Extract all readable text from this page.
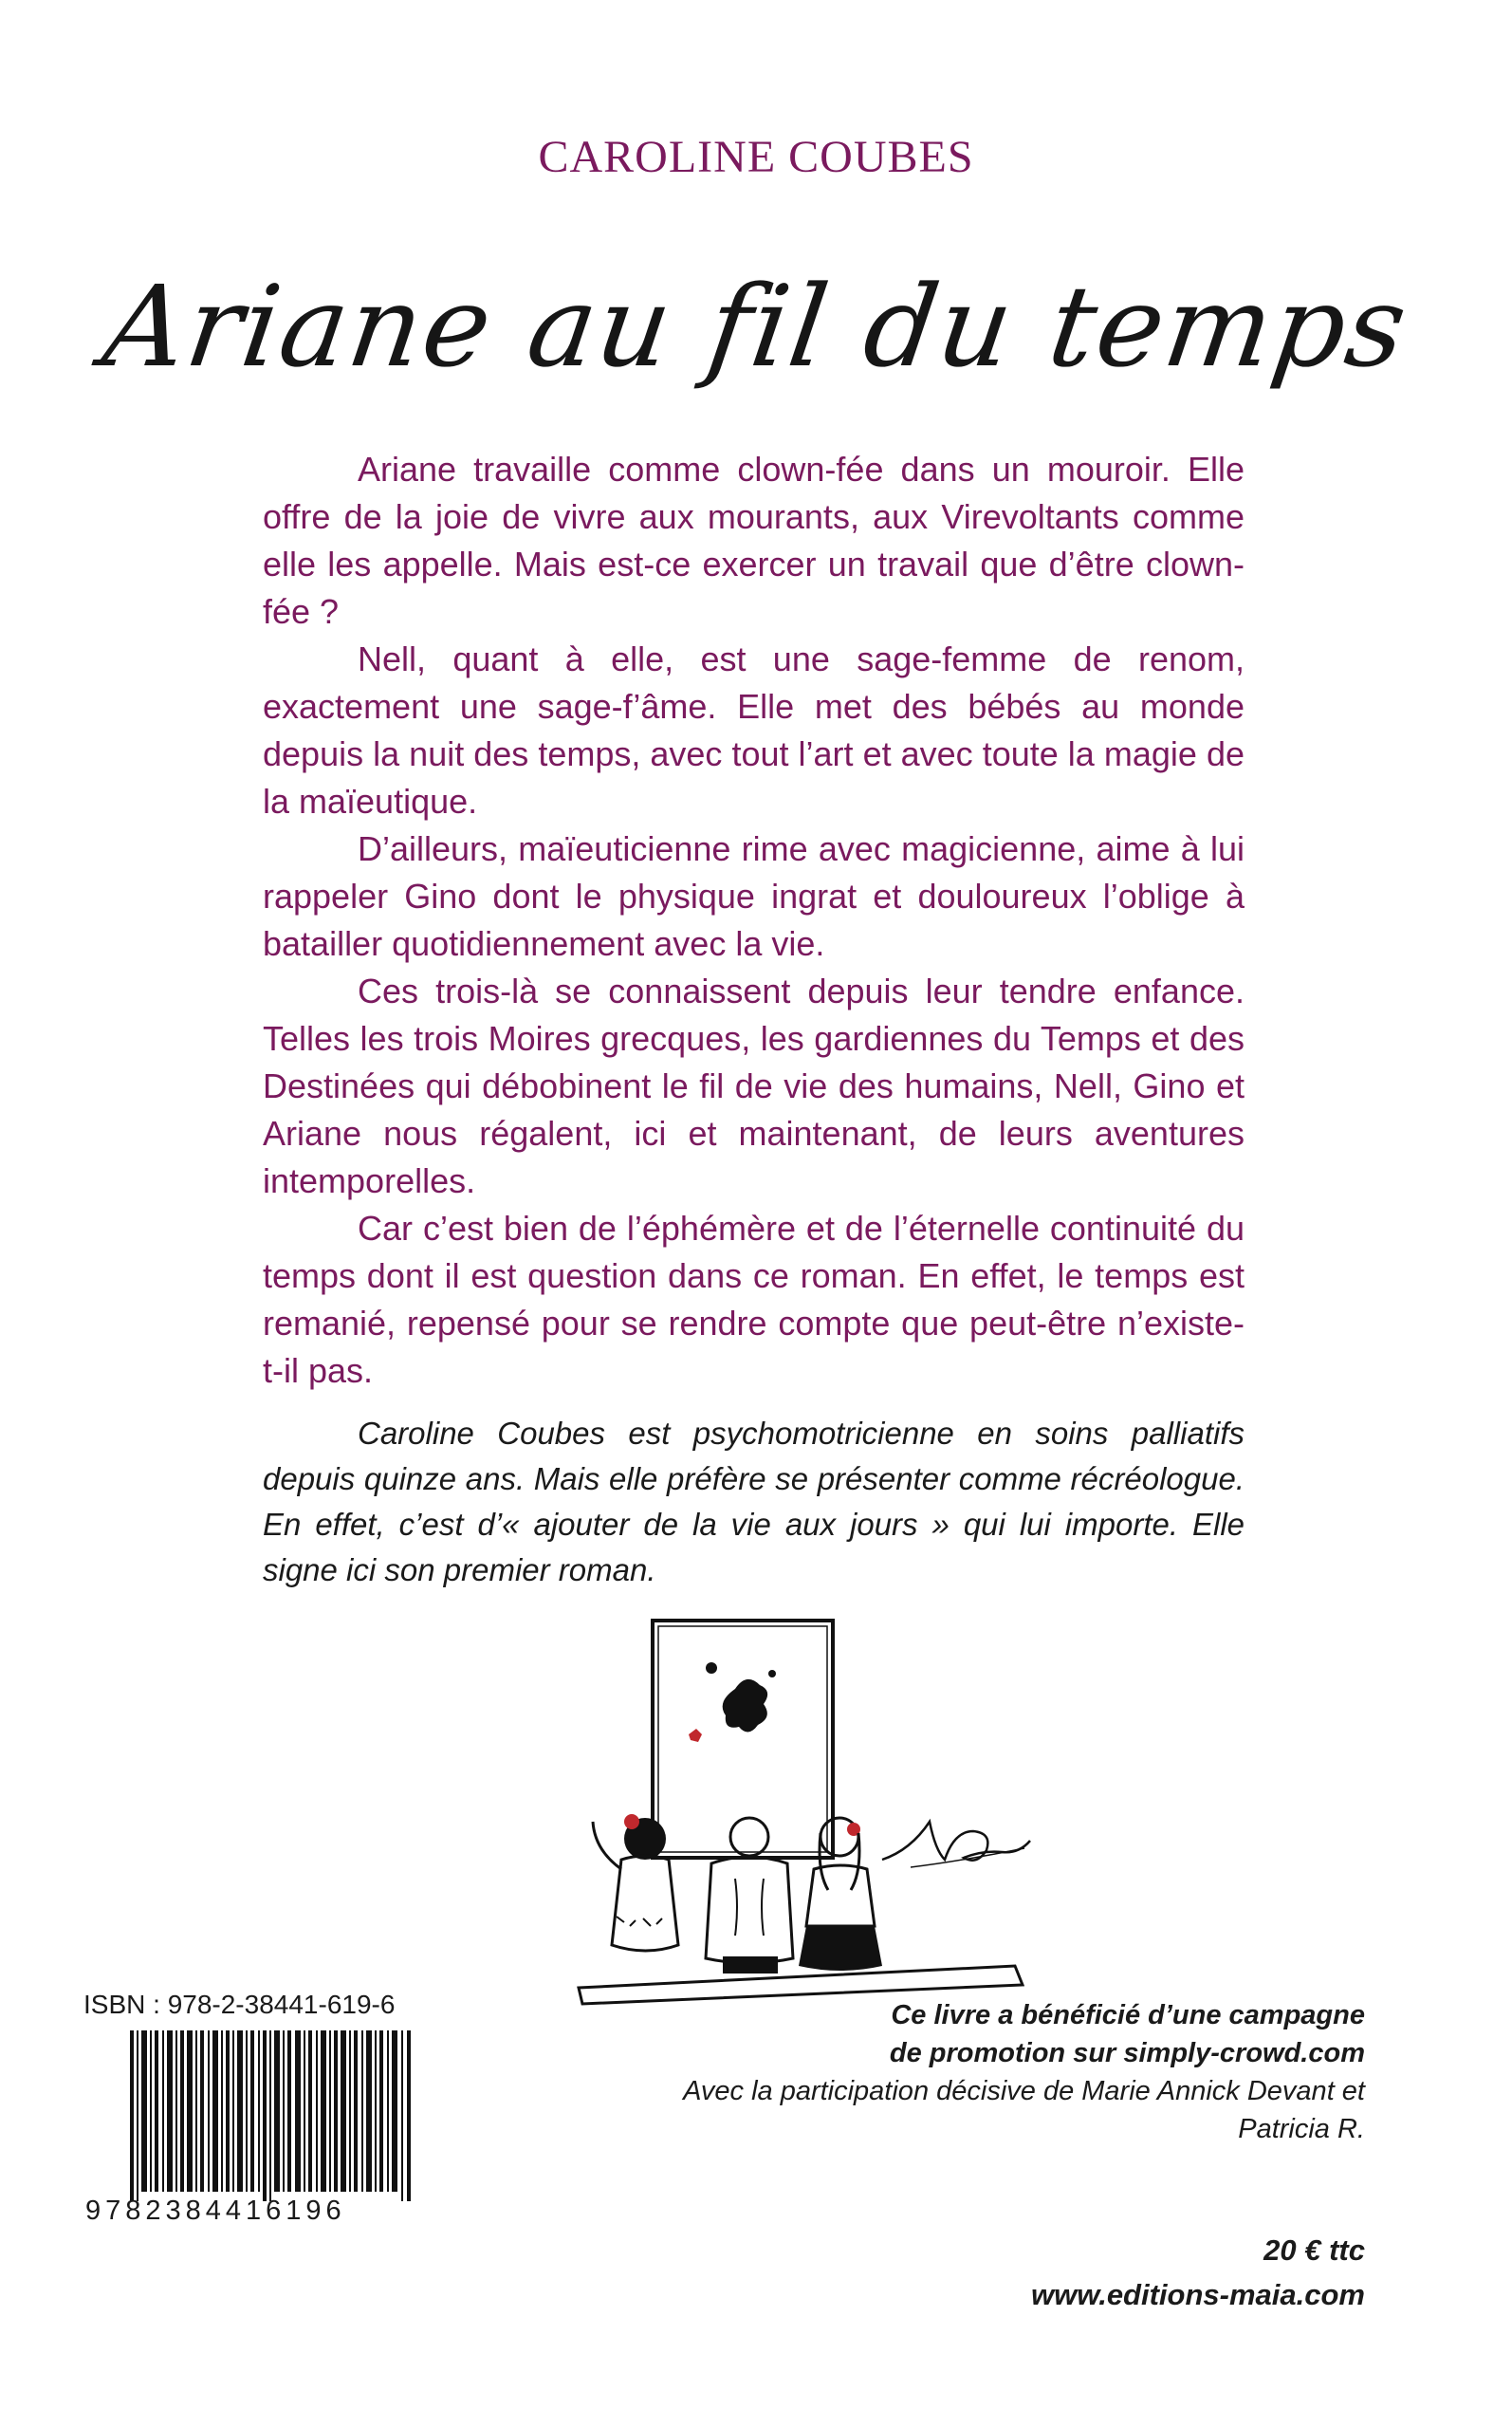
CAROLINE COUBES
Ariane au fil du temps

Ariane travaille comme clown-fée dans un mouroir. Elle offre de la joie de vivre aux mourants, aux Virevoltants comme elle les appelle. Mais est-ce exercer un travail que d’être clown-fée ?

Nell, quant à elle, est une sage-femme de renom, exactement une sage-f’âme. Elle met des bébés au monde depuis la nuit des temps, avec tout l’art et avec toute la magie de la maïeutique.

D’ailleurs, maïeuticienne rime avec magicienne, aime à lui rappeler Gino dont le physique ingrat et douloureux l’oblige à batailler quotidiennement avec la vie.

Ces trois-là se connaissent depuis leur tendre enfance. Telles les trois Moires grecques, les gardiennes du Temps et des Destinées qui débobinent le fil de vie des humains, Nell, Gino et Ariane nous régalent, ici et maintenant, de leurs aventures intemporelles.

Car c’est bien de l’éphémère et de l’éternelle continuité du temps dont il est question dans ce roman. En effet, le temps est remanié, repensé pour se rendre compte que peut-être n’existe-t-il pas.

Caroline Coubes est psychomotricienne en soins palliatifs depuis quinze ans. Mais elle préfère se présenter comme récréologue. En effet, c’est d’« ajouter de la vie aux jours » qui lui importe. Elle signe ici son premier roman.

ISBN : 978-2-38441-619-6
9782384416196
Ce livre a bénéficié d’une campagne
de promotion sur simply-crowd.com
Avec la participation décisive de Marie Annick Devant et
Patricia R.
20 € ttc
www.editions-maia.com
